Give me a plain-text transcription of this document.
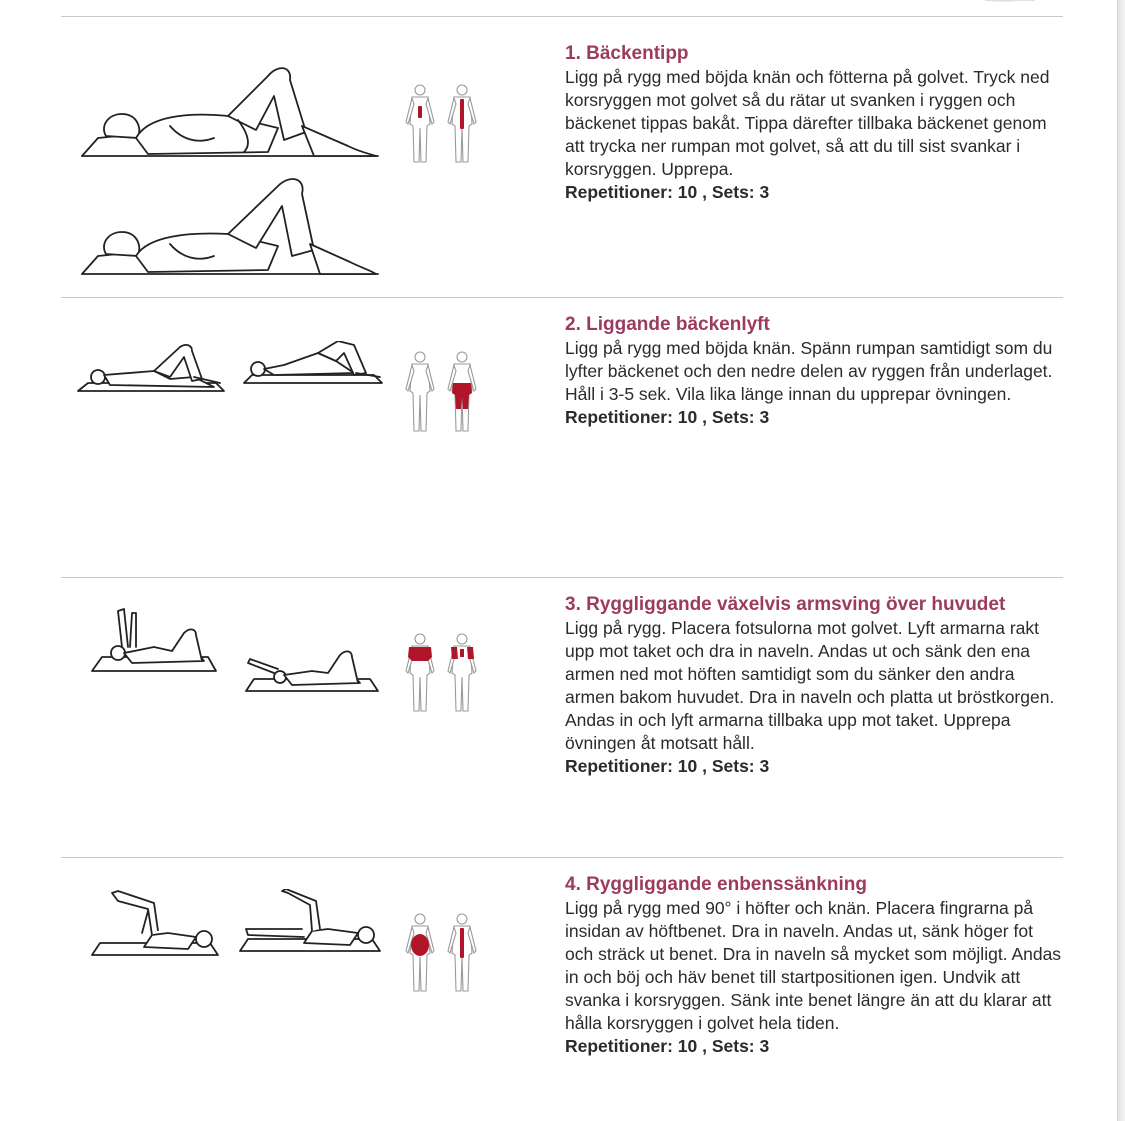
1. Bäckentipp

Ligg på rygg med böjda knän och fötterna på golvet. Tryck ned korsryggen mot golvet så du rätar ut svanken i ryggen och bäckenet tippas bakåt. Tippa därefter tillbaka bäckenet genom att trycka ner rumpan mot golvet, så att du till sist svankar i korsryggen. Upprepa.

Repetitioner: 10 , Sets: 3

2. Liggande bäckenlyft

Ligg på rygg med böjda knän. Spänn rumpan samtidigt som du lyfter bäckenet och den nedre delen av ryggen från underlaget. Håll i 3-5 sek. Vila lika länge innan du upprepar övningen.

Repetitioner: 10 , Sets: 3

3. Ryggliggande växelvis armsving över huvudet

Ligg på rygg. Placera fotsulorna mot golvet. Lyft armarna rakt upp mot taket och dra in naveln. Andas ut och sänk den ena armen ned mot höften samtidigt som du sänker den andra armen bakom huvudet. Dra in naveln och platta ut bröstkorgen. Andas in och lyft armarna tillbaka upp mot taket. Upprepa övningen åt motsatt håll.

Repetitioner: 10 , Sets: 3

4. Ryggliggande enbenssänkning

Ligg på rygg med 90° i höfter och knän. Placera fingrarna på insidan av höftbenet. Dra in naveln. Andas ut, sänk höger fot och sträck ut benet. Dra in naveln så mycket som möjligt. Andas in och böj och häv benet till startpositionen igen. Undvik att svanka i korsryggen. Sänk inte benet längre än att du klarar att hålla korsryggen i golvet hela tiden.

Repetitioner: 10 , Sets: 3
